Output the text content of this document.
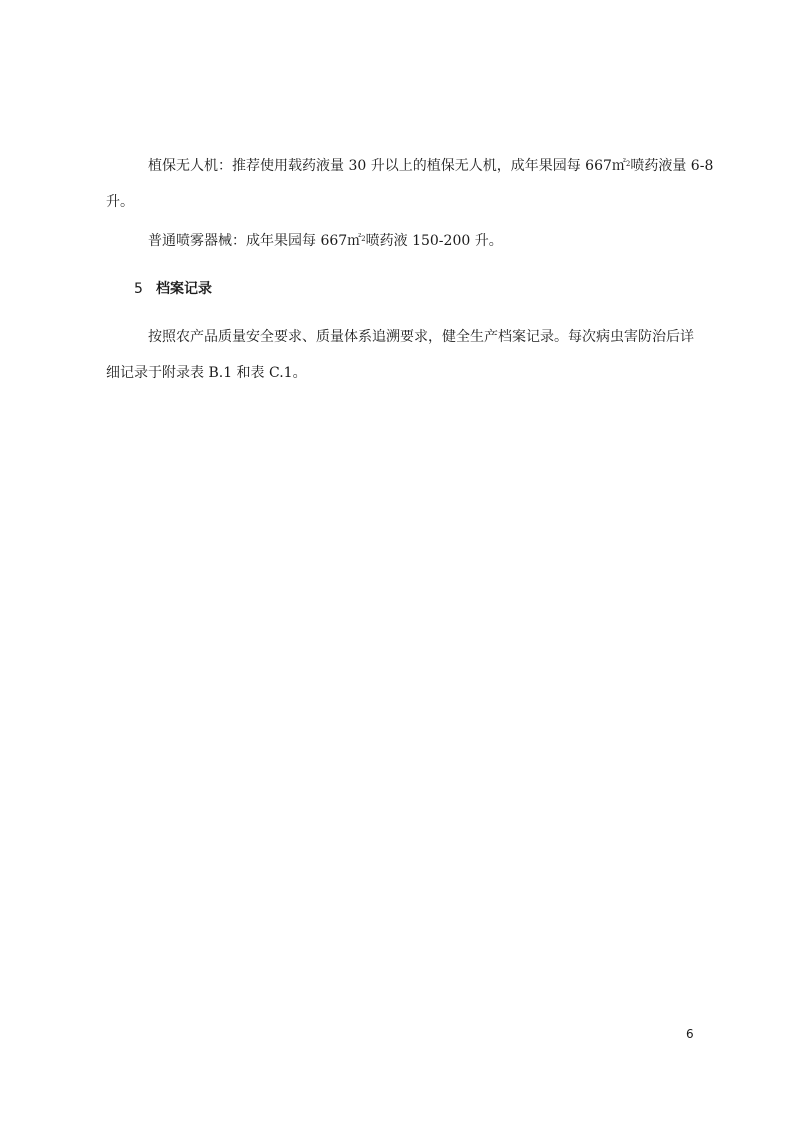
植保无人机：推荐使用载药液量 30 升以上的植保无人机，成年果园每 667㎡$^2$喷药液量 6-8
升。
普通喷雾器械：成年果园每 667㎡$^2$喷药液 150-200 升。
5 档案记录
按照农产品质量安全要求、质量体系追溯要求，健全生产档案记录。每次病虫害防治后详
细记录于附录表 B.1 和表 C.1。
6
